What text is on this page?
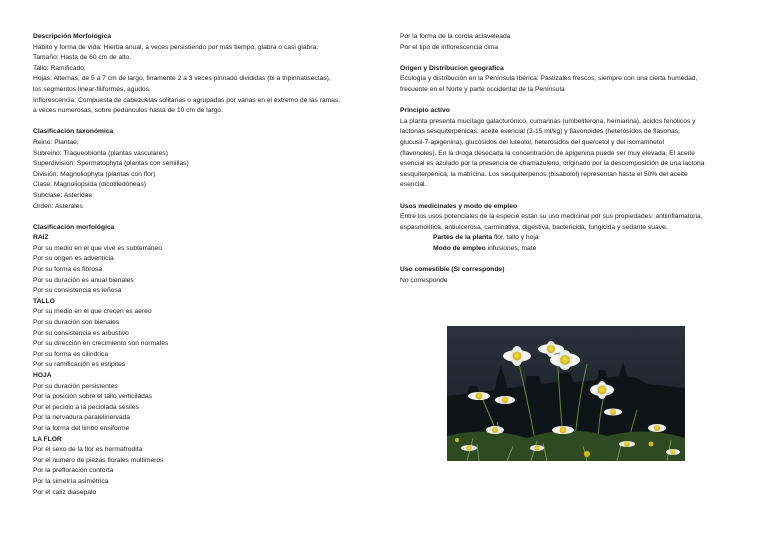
Descripción Morfológica
Hábito y forma de vida: Hierba anual, a veces persistiendo por más tiempo, glabra o casi glabra.
Tamaño: Hasta de 60 cm de alto.
Tallo: Ramificado.
Hojas: Alternas, de 5 a 7 cm de largo, finamente 2 a 3 veces pinnado divididas (bi a tripinnatisectas),
los segmentos linear-filiformes, agudos.
Inflorescencia: Compuesta de cabezuelas solitarias o agrupadas por varias en el extremo de las ramas,
a veces numerosas, sobre pedúnculos hasta de 10 cm de largo.
Clasificación taxonómica
Reino: Plantae;
Subreino: Traqueobionta (plantas vasculares)
Superdivisión: Spermatophyta (plantas con semillas)
División: Magnoliophyta (plantas con flor)
Clase: Magnoliopsida (dicotiledóneas)
Subclase: Asteridae
Orden: Asterales
Clasificación morfológica
RAIZ
Por su medio en el que vive es subterraneo
Por su origen es adventicia
Por su forma es fibrosa
Por su duración es anual bienales
Por su consistencia es leñosa
TALLO
Por su medio en el que crecen es aéreo
Por su duración son bienales
Por su consistencia es arbustivo
Por su dirección en crecimiento son normales
Por su forma es cilindrica
Por su ramificación es estipites
HOJA
Por su duración persistentes
Por la posición sobre el tallo verticiladas
Por el peciolo a la peciolada sésiles
Por la nervadura paralelinervada
Por la forma del limbo ensiforme
LA FLOR
Por el sexo de la flor es hermafrodita
Por el numero de piezas florales multimeros
Por la prefloración contorta
Por la simetría asimétrica
Por el caliz diasepalo
Por la forma de la corola aclaveleada
Por el tipo de inflorescencia cima
Origen y Distribucion geografica
Ecología y distribución en la Península Ibérica: Pastizales frescos, siempre con una cierta humedad,
frecuente en el Norte y parte occidental de la Península
Principio activo
La planta presenta mucílago galacturónico, cumarinas (umbeliferona, herniarina), ácidos fenólicos y
lactonas sesquiterpénicas, aceite esencial (3-15 ml/kg) y flavonoides (heterósidos de flavonas,
glucusil-7-apigenina), glucósidos del luteolol, heterósidos del quercetol y del isorramnetol
(flavonoles). En la droga desecada la concentración de apigenina puede ser muy elevada. El aceite
esencial es azulado por la presencia de chamazuleno, originado por la descomposición de una lactona
sesquiterpénica, la matricina. Los sesquiterpenos (bisabolol) representan hasta el 50% del aceite
esencial.
Usos medicinales y modo de empleo
Entre los usos potenciales de la especie están su uso medicinal por sus propiedades: antiinflamatoria,
espasmolítica, antiulcerosa, carminativa, digestiva, bactericida, fungicida y sedante suave.
Partes de la planta flor, tallo y hoja
Modo de empleo infusiones, mate
Uso comestible (Si corresponde)
No corresponde
